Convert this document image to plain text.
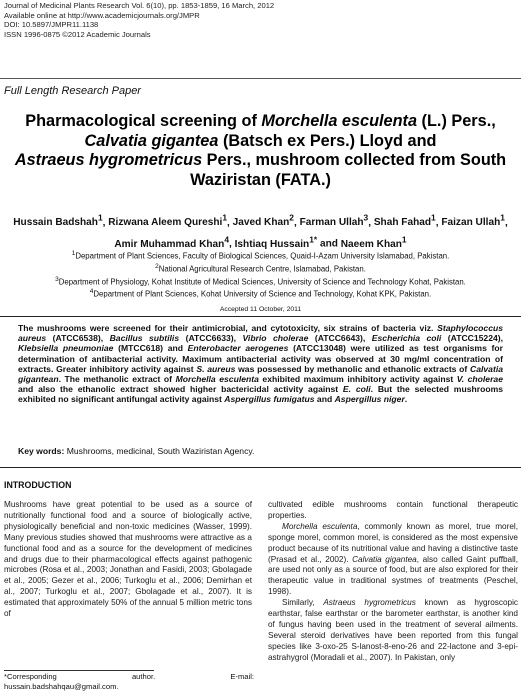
Journal of Medicinal Plants Research Vol. 6(10), pp. 1853-1859, 16 March, 2012
Available online at http://www.academicjournals.org/JMPR
DOI: 10.5897/JMPR11.1138
ISSN 1996-0875 ©2012 Academic Journals
Full Length Research Paper
Pharmacological screening of Morchella esculenta (L.) Pers., Calvatia gigantea (Batsch ex Pers.) Lloyd and
Astraeus hygrometricus Pers., mushroom collected from South Waziristan (FATA.)
Hussain Badshah$^1$, Rizwana Aleem Qureshi$^1$, Javed Khan$^2$, Farman Ullah$^3$, Shah Fahad$^1$, Faizan Ullah$^1$, Amir Muhammad Khan$^4$, Ishtiaq Hussain$^{1*}$ and Naeem Khan$^1$
$^1$Department of Plant Sciences, Faculty of Biological Sciences, Quaid-I-Azam University Islamabad, Pakistan.
$^2$National Agricultural Research Centre, Islamabad, Pakistan.
$^3$Department of Physiology, Kohat Institute of Medical Sciences, University of Science and Technology Kohat, Pakistan.
$^4$Department of Plant Sciences, Kohat University of Science and Technology, Kohat KPK, Pakistan.
Accepted 11 October, 2011
The mushrooms were screened for their antimicrobial, and cytotoxicity, six strains of bacteria viz. Staphylococcus aureus (ATCC6538), Bacillus subtilis (ATCC6633), Vibrio cholerae (ATCC6643), Escherichia coli (ATCC15224), Klebsiella pneumoniae (MTCC618) and Enterobacter aerogenes (ATCC13048) were utilized as test organisms for determination of antibacterial activity. Maximum antibacterial activity was observed at 30 mg/ml concentration of extracts. Greater inhibitory activity against S. aureus was possessed by methanolic and ethanolic extracts of Calvatia gigantean. The methanolic extract of Morchella esculenta exhibited maximum inhibitory activity against V. cholerae and also the ethanolic extract showed higher bactericidal activity against E. coli. But the selected mushrooms exhibited no significant antifungal activity against Aspergillus fumigatus and Aspergillus niger.
Key words: Mushrooms, medicinal, South Waziristan Agency.
INTRODUCTION

Mushrooms have great potential to be used as a source of nutritionally functional food and a source of biologically active, physiologically beneficial and non-toxic medicines (Wasser, 1999). Many previous studies showed that mushrooms were attractive as a functional food and as a source for the development of medicines and drugs due to their pharmacological effects against pathogenic microbes (Rosa et al., 2003; Jonathan and Fasidi, 2003; Gbolagade et al., 2005; Gezer et al., 2006; Turkoglu et al., 2006; Demirhan et al., 2007; Turkoglu et al., 2007; Gbolagade et al., 2007). It is estimated that approximately 50% of the annual 5 million metric tons of

cultivated edible mushrooms contain functional therapeutic properties.

Morchella esculenta, commonly known as morel, true morel, sponge morel, common morel, is considered as the most expensive product because of its nutritional value and having a distinctive taste (Prasad et al., 2002). Calvatia gigantea, also called Gaint puffball, are used not only as a source of food, but are also explored for their therapeutic value in traditional systmes of treatments (Peschel, 1998).

Similarly, Astraeus hygrometricus known as hygroscopic earthstar, false earthstar or the barometer earthstar, is another kind of fungus having been used in the treatment of several ailments. Several steroid derivatives have been reported from this fungal species like 3-oxo-25 S-lanost-8-eno-26 and 22-lactone and 3-epi-astrahygrol (Moradali et al., 2007). In Pakistan, only

*Corresponding	author.	E-mail:
hussain.badshahqau@gmail.com.
